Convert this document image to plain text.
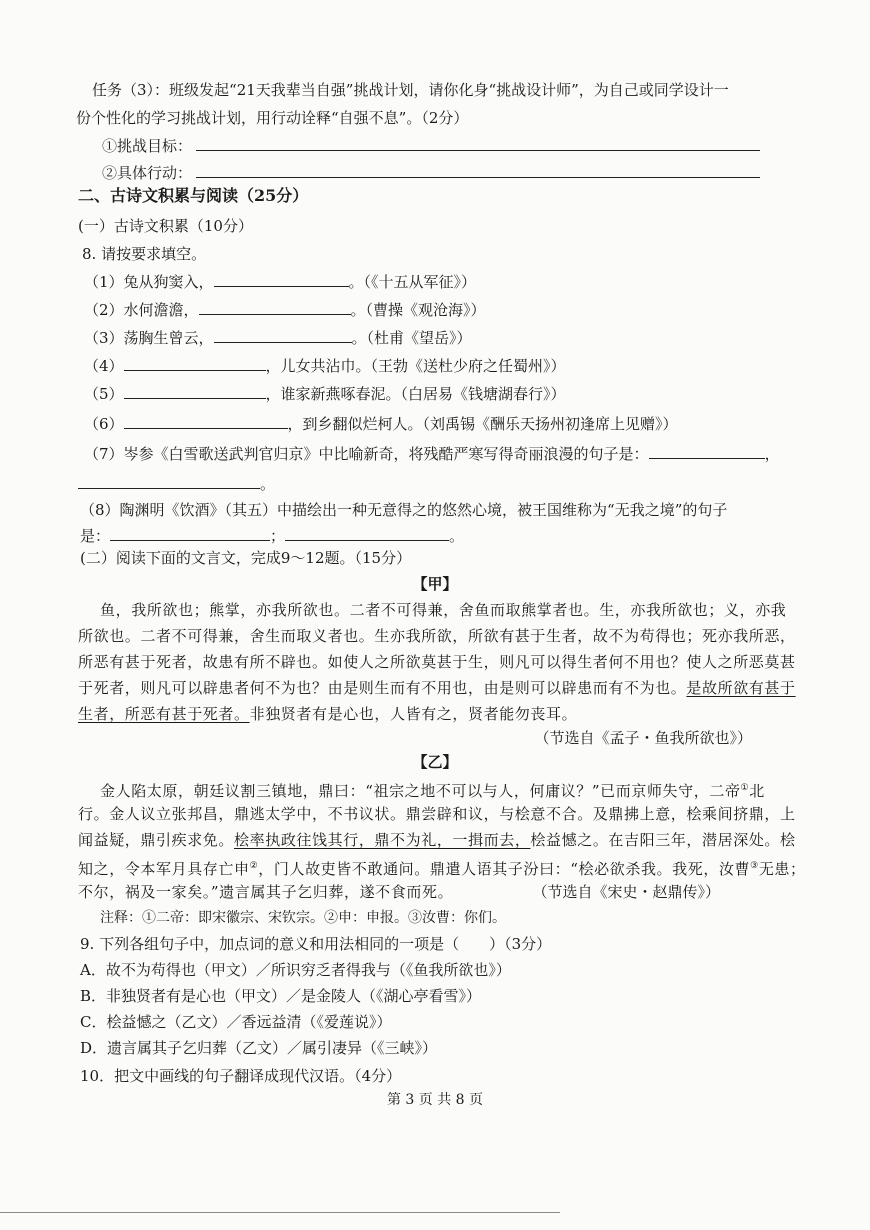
任务（3）：班级发起“21天我辈当自强”挑战计划，请你化身“挑战设计师”，为自己或同学设计一
份个性化的学习挑战计划，用行动诠释“自强不息”。（2分）
①挑战目标：
②具体行动：
二、古诗文积累与阅读（25分）
(一）古诗文积累（10分）
8. 请按要求填空。
（1）兔从狗窦入，	。（《十五从军征》）
（2）水何澹澹，	。（曹操《观沧海》）
（3）荡胸生曾云，	。（杜甫《望岳》）
（4）	，儿女共沾巾。（王勃《送杜少府之任蜀州》）
（5）	，谁家新燕啄春泥。（白居易《钱塘湖春行》）
（6）	，到乡翻似烂柯人。（刘禹锡《酬乐天扬州初逢席上见赠》）
（7）岑参《白雪歌送武判官归京》中比喻新奇，将残酷严寒写得奇丽浪漫的句子是：	，
。
（8）陶渊明《饮酒》（其五）中描绘出一种无意得之的悠然心境，被王国维称为“无我之境”的句子
是：	；	。
(二）阅读下面的文言文，完成9～12题。（15分）
【甲】
鱼，我所欲也；熊掌，亦我所欲也。二者不可得兼，舍鱼而取熊掌者也。生，亦我所欲也；义，亦我
所欲也。二者不可得兼，舍生而取义者也。生亦我所欲，所欲有甚于生者，故不为苟得也；死亦我所恶，
所恶有甚于死者，故患有所不辟也。如使人之所欲莫甚于生，则凡可以得生者何不用也？使人之所恶莫甚
于死者，则凡可以辟患者何不为也？由是则生而有不用也，由是则可以辟患而有不为也。是故所欲有甚于
生者，所恶有甚于死者。非独贤者有是心也，人皆有之，贤者能勿丧耳。
（节选自《孟子・鱼我所欲也》）
【乙】
金人陷太原，朝廷议割三镇地，鼎曰：“祖宗之地不可以与人，何庸议？”已而京师失守，二帝①北
行。金人议立张邦昌，鼎逃太学中，不书议状。鼎尝辟和议，与桧意不合。及鼎拂上意，桧乘间挤鼎，上
闻益疑，鼎引疾求免。桧率执政往饯其行，鼎不为礼，一揖而去，桧益憾之。在吉阳三年，潜居深处。桧
知之，令本军月具存亡申②，门人故吏皆不敢通问。鼎遣人语其子汾曰：“桧必欲杀我。我死，汝曹③无患；
不尔，祸及一家矣。”遗言属其子乞归葬，遂不食而死。	（节选自《宋史・赵鼎传》）
注释：①二帝：即宋徽宗、宋钦宗。②申：申报。③汝曹：你们。
9. 下列各组句子中，加点词的意义和用法相同的一项是（　　）（3分）
A．故不为苟得也（甲文）／所识穷乏者得我与（《鱼我所欲也》）
B．非独贤者有是心也（甲文）／是金陵人（《湖心亭看雪》）
C．桧益憾之（乙文）／香远益清（《爱莲说》）
D．遗言属其子乞归葬（乙文）／属引凄异（《三峡》）
10．把文中画线的句子翻译成现代汉语。（4分）
第 3 页 共 8 页
